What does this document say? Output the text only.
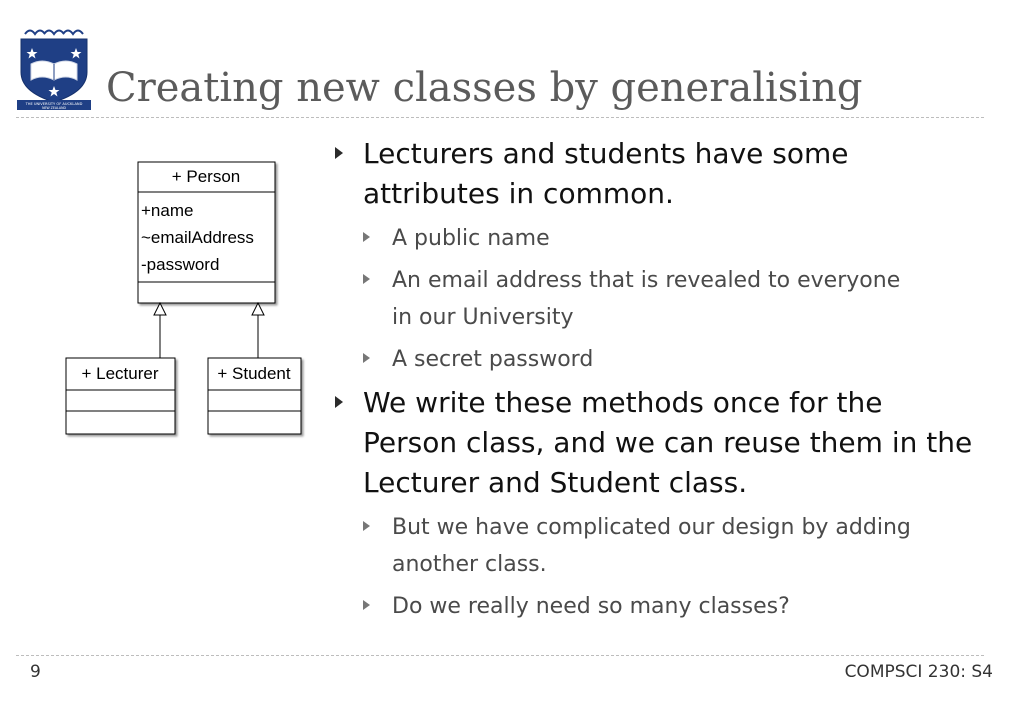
THE UNIVERSITY OF AUCKLAND
NEW ZEALAND Creating new classes by generalising
+ Person
+name
~emailAddress
-password
+ Lecturer	+ Student
Lecturers and students have some
attributes in common.
A public name
An email address that is revealed to everyone
in our University
A secret password
We write these methods once for the
Person class, and we can reuse them in the
Lecturer and Student class.
But we have complicated our design by adding
another class.
Do we really need so many classes?
9	COMPSCI 230: S4
